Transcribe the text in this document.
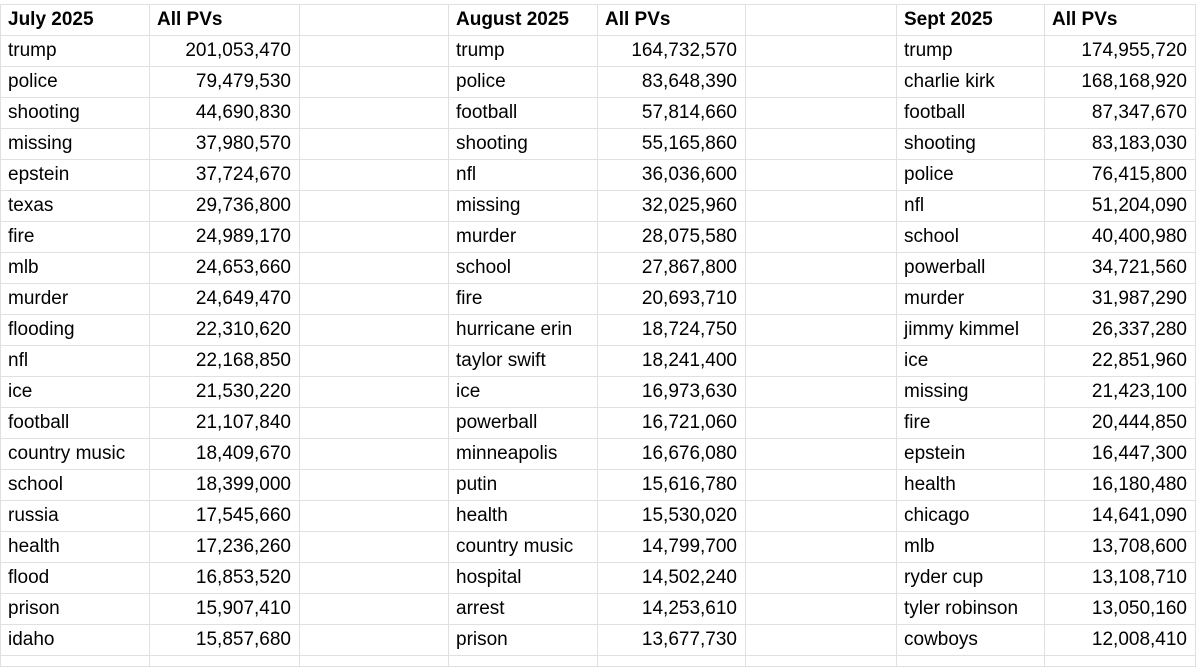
July 2025	All PVs		August 2025	All PVs		Sept 2025	All PVs
trump	201,053,470		trump	164,732,570		trump	174,955,720
police	79,479,530		police	83,648,390		charlie kirk	168,168,920
shooting	44,690,830		football	57,814,660		football	87,347,670
missing	37,980,570		shooting	55,165,860		shooting	83,183,030
epstein	37,724,670		nfl	36,036,600		police	76,415,800
texas	29,736,800		missing	32,025,960		nfl	51,204,090
fire	24,989,170		murder	28,075,580		school	40,400,980
mlb	24,653,660		school	27,867,800		powerball	34,721,560
murder	24,649,470		fire	20,693,710		murder	31,987,290
flooding	22,310,620		hurricane erin	18,724,750		jimmy kimmel	26,337,280
nfl	22,168,850		taylor swift	18,241,400		ice	22,851,960
ice	21,530,220		ice	16,973,630		missing	21,423,100
football	21,107,840		powerball	16,721,060		fire	20,444,850
country music	18,409,670		minneapolis	16,676,080		epstein	16,447,300
school	18,399,000		putin	15,616,780		health	16,180,480
russia	17,545,660		health	15,530,020		chicago	14,641,090
health	17,236,260		country music	14,799,700		mlb	13,708,600
flood	16,853,520		hospital	14,502,240		ryder cup	13,108,710
prison	15,907,410		arrest	14,253,610		tyler robinson	13,050,160
idaho	15,857,680		prison	13,677,730		cowboys	12,008,410
